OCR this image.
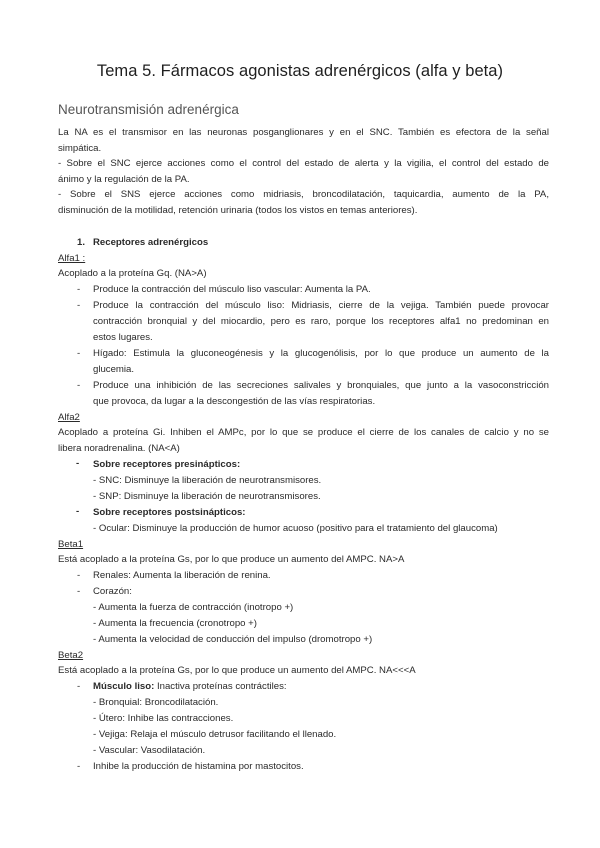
Tema 5. Fármacos agonistas adrenérgicos (alfa y beta)
Neurotransmisión adrenérgica
La NA es el transmisor en las neuronas posganglionares y en el SNC. También es efectora de la señal
simpática.
- Sobre el SNC ejerce acciones como el control del estado de alerta y la vigilia, el control del estado de
ánimo y la regulación de la PA.
- Sobre el SNS ejerce acciones como midriasis, broncodilatación, taquicardia, aumento de la PA,
disminución de la motilidad, retención urinaria (todos los vistos en temas anteriores).
1. Receptores adrenérgicos
Alfa1 :
Acoplado a la proteína Gq. (NA>A)
- Produce la contracción del músculo liso vascular: Aumenta la PA.
- Produce la contracción del músculo liso: Midriasis, cierre de la vejiga. También puede provocar
contracción bronquial y del miocardio, pero es raro, porque los receptores alfa1 no predominan en
estos lugares.
- Hígado: Estimula la gluconeogénesis y la glucogenólisis, por lo que produce un aumento de la
glucemia.
- Produce una inhibición de las secreciones salivales y bronquiales, que junto a la vasoconstricción
que provoca, da lugar a la descongestión de las vías respiratorias.
Alfa2
Acoplado a proteína Gi. Inhiben el AMPc, por lo que se produce el cierre de los canales de calcio y no se
libera noradrenalina. (NA<A)
- Sobre receptores presinápticos:
- SNC: Disminuye la liberación de neurotransmisores.
- SNP: Disminuye la liberación de neurotransmisores.
- Sobre receptores postsinápticos:
- Ocular: Disminuye la producción de humor acuoso (positivo para el tratamiento del glaucoma)
Beta1
Está acoplado a la proteína Gs, por lo que produce un aumento del AMPC. NA>A
- Renales: Aumenta la liberación de renina.
- Corazón:
- Aumenta la fuerza de contracción (inotropo +)
- Aumenta la frecuencia (cronotropo +)
- Aumenta la velocidad de conducción del impulso (dromotropo +)
Beta2
Está acoplado a la proteína Gs, por lo que produce un aumento del AMPC. NA<<<A
- Músculo liso: Inactiva proteínas contráctiles:
- Bronquial: Broncodilatación.
- Útero: Inhibe las contracciones.
- Vejiga: Relaja el músculo detrusor facilitando el llenado.
- Vascular: Vasodilatación.
- Inhibe la producción de histamina por mastocitos.
